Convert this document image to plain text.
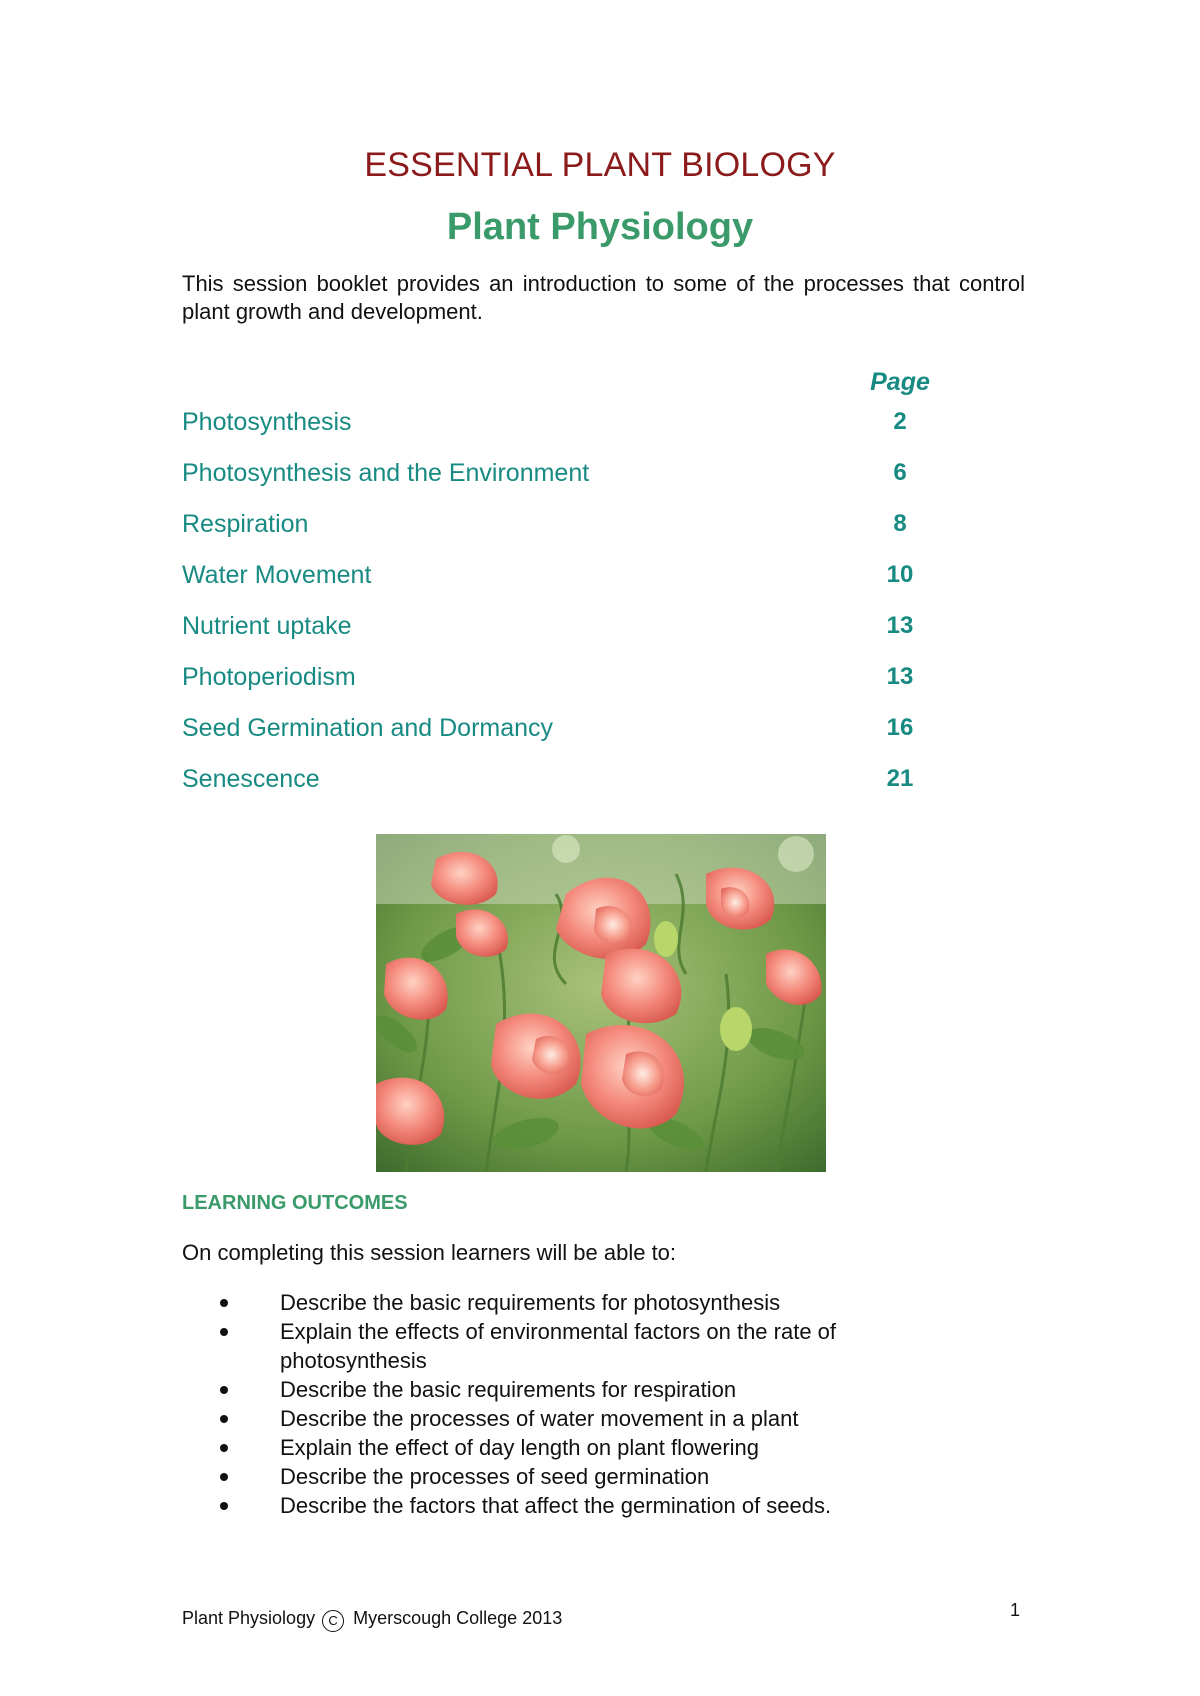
ESSENTIAL PLANT BIOLOGY
Plant Physiology
This session booklet provides an introduction to some of the processes that control plant growth and development.
Page
Photosynthesis	2
Photosynthesis and the Environment	6
Respiration	8
Water Movement	10
Nutrient uptake	13
Photoperiodism	13
Seed Germination and Dormancy	16
Senescence	21
LEARNING OUTCOMES
On completing this session learners will be able to:
Describe the basic requirements for photosynthesis
Explain the effects of environmental factors on the rate of photosynthesis
Describe the basic requirements for respiration
Describe the processes of water movement in a plant
Explain the effect of day length on plant flowering
Describe the processes of seed germination
Describe the factors that affect the germination of seeds.
Plant Physiology C Myerscough College 2013	1
